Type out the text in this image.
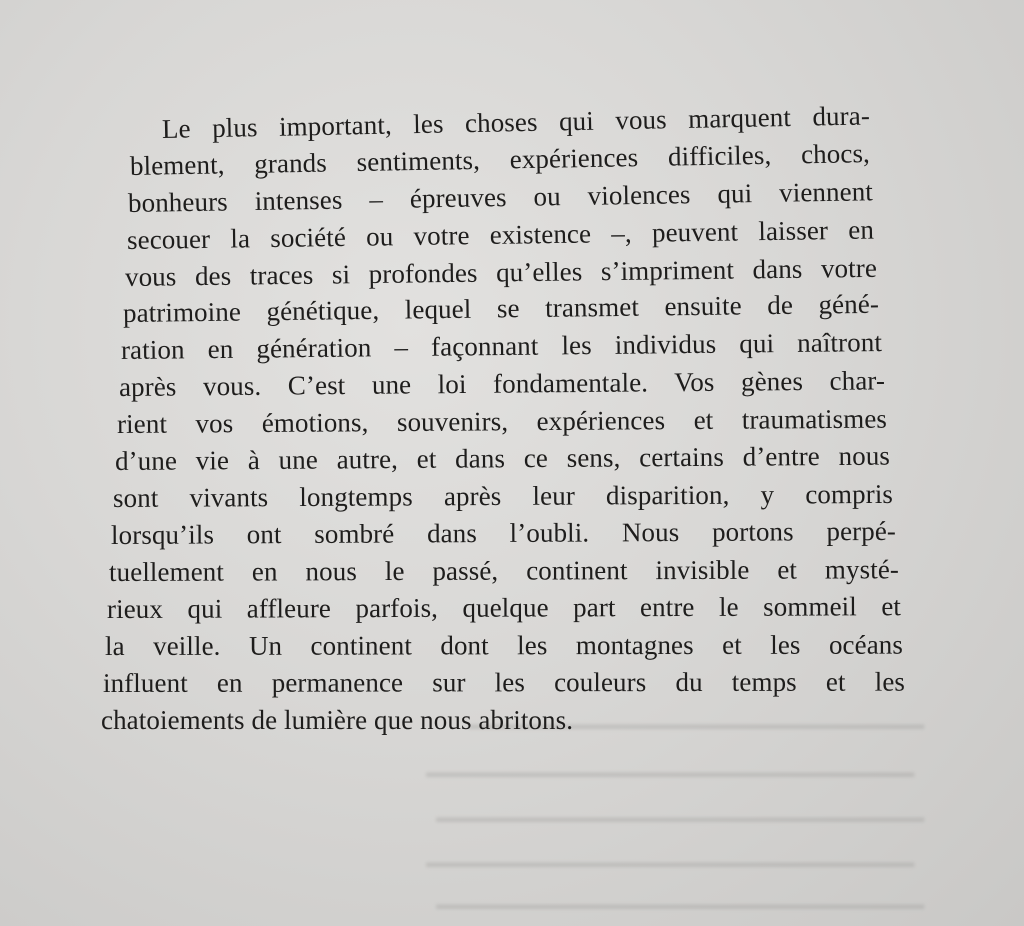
━━━━━━━━━━━━━━━━━━━━━━━━━━━━
━━━━━━━━━━━━━━━━━━━━━━━━━━━━━━
━━━━━━━━━━━━━━━━━━━━━━━━━━━━━━
━━━━━━━━━━━━━━━━━━━━━━━━━━━━━━
━━━━━━━━━━━━━━━━━━━━━━━━━━━━━━
Le plus important, les choses qui vous marquent dura-
blement, grands sentiments, expériences difficiles, chocs,
bonheurs intenses – épreuves ou violences qui viennent
secouer la société ou votre existence –, peuvent laisser en
vous des traces si profondes qu’elles s’impriment dans votre
patrimoine génétique, lequel se transmet ensuite de géné-
ration en génération – façonnant les individus qui naîtront
après vous. C’est une loi fondamentale. Vos gènes char-
rient vos émotions, souvenirs, expériences et traumatismes
d’une vie à une autre, et dans ce sens, certains d’entre nous
sont vivants longtemps après leur disparition, y compris
lorsqu’ils ont sombré dans l’oubli. Nous portons perpé-
tuellement en nous le passé, continent invisible et mysté-
rieux qui affleure parfois, quelque part entre le sommeil et
la veille. Un continent dont les montagnes et les océans
influent en permanence sur les couleurs du temps et les
chatoiements de lumière que nous abritons.
